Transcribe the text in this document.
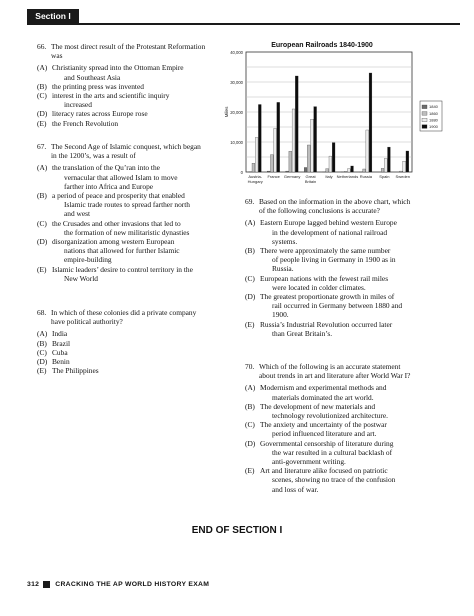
Section I
66. The most direct result of the Protestant Reformation
was
(A) Christianity spread into the Ottoman Empire
and Southeast Asia
(B) the printing press was invented
(C) interest in the arts and scientific inquiry
increased
(D) literacy rates across Europe rose
(E) the French Revolution
67. The Second Age of Islamic conquest, which began
in the 1200’s, was a result of
(A) the translation of the Qu’ran into the
vernacular that allowed Islam to move
farther into Africa and Europe
(B) a period of peace and prosperity that enabled
Islamic trade routes to spread farther north
and west
(C) the Crusades and other invasions that led to
the formation of new militaristic dynasties
(D) disorganization among western European
nations that allowed for further Islamic
empire-building
(E) Islamic leaders’ desire to control territory in the
New World
68. In which of these colonies did a private company
have political authority?
(A) India
(B) Brazil
(C) Cuba
(D) Benin
(E) The Philippines
69. Based on the information in the above chart, which
of the following conclusions is accurate?
(A) Eastern Europe lagged behind western Europe
in the development of national railroad
systems.
(B) There were approximately the same number
of people living in Germany in 1900 as in
Russia.
(C) European nations with the fewest rail miles
were located in colder climates.
(D) The greatest proportionate growth in miles of
rail occurred in Germany between 1880 and
1900.
(E) Russia’s Industrial Revolution occurred later
than Great Britain’s.
70. Which of the following is an accurate statement
about trends in art and literature after World War I?
(A) Modernism and experimental methods and
materials dominated the art world.
(B) The development of new materials and
technology revolutionized architecture.
(C) The anxiety and uncertainty of the postwar
period influenced literature and art.
(D) Governmental censorship of literature during
the war resulted in a cultural backlash of
anti-government writing.
(E) Art and literature alike focused on patriotic
scenes, showing no trace of the confusion
and loss of war.
European Railroads 1840-1900
0
10,000
20,000
30,000
40,000
Miles
Austria-
Hungary
France Germany Great
Britain
Italy Netherlands Russia Spain Sweden
1840
1860
1880
1900
END OF SECTION I
312 CRACKING THE AP WORLD HISTORY EXAM
